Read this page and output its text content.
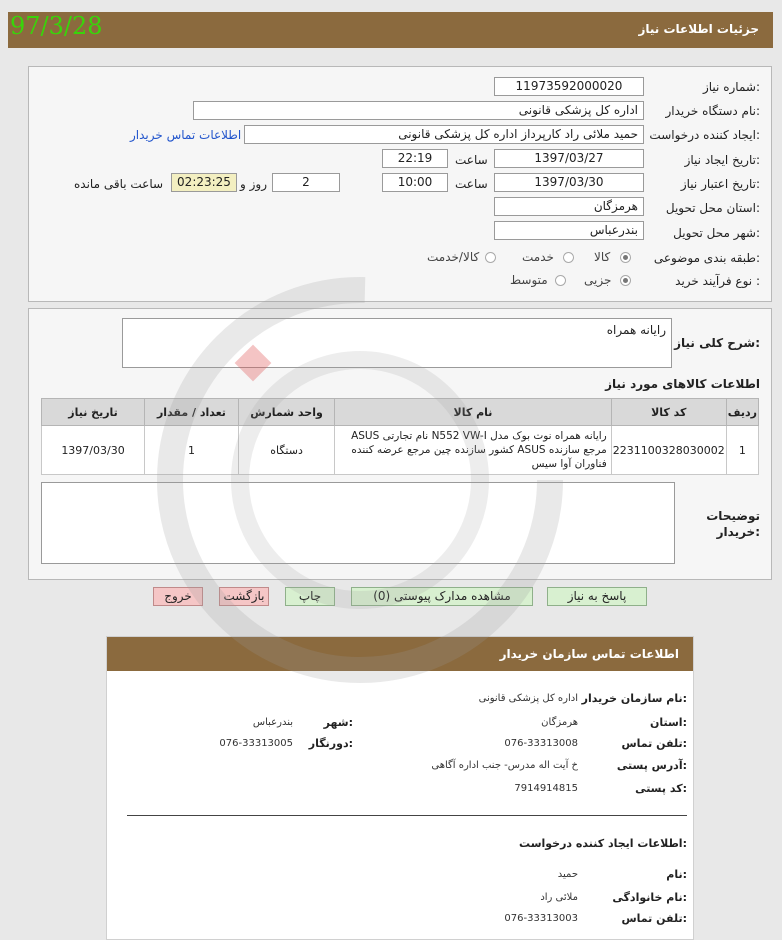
جزئیات اطلاعات نیاز
97/3/28
شماره نیاز:
11973592000020
نام دستگاه خریدار:
اداره کل پزشکی قانونی
ایجاد کننده درخواست:
حمید ملائی راد کارپرداز اداره کل پزشکی قانونی
اطلاعات تماس خریدار
تاریخ ایجاد نیاز:
1397/03/27
ساعت
22:19
تاریخ اعتبار نیاز:
1397/03/30
ساعت
10:00
2
روز و
02:23:25
ساعت باقی مانده
استان محل تحویل:
هرمزگان
شهر محل تحویل:
بندرعباس
طبقه بندی موضوعی:
کالا
خدمت
کالا/خدمت
نوع فرآیند خرید :
جزیی
متوسط
شرح کلی نیاز:
رایانه همراه
اطلاعات کالاهای مورد نیاز
تاریخ نیاز	تعداد / مقدار	واحد شمارش	نام کالا	کد کالا	ردیف
1397/03/30	1	دستگاه	رایانه همراه نوت بوک مدل N552 VW-I نام تجارتی ASUS مرجع سازنده ASUS کشور سازنده چین مرجع عرضه کننده فناوران آوا سیس	2231100328030002	1
توضیحات
خریدار:
پاسخ به نیاز
مشاهده مدارک پیوستی (0)
چاپ
بازگشت
خروج
اطلاعات تماس سازمان خریدار
نام سازمان خریدار:
اداره کل پزشکی قانونی
استان:
هرمزگان
شهر:
بندرعباس
تلفن تماس:
076-33313008
دورنگار:
076-33313005
آدرس پستی:
خ آیت اله مدرس- جنب اداره آگاهی
کد پستی:
7914914815
اطلاعات ایجاد کننده درخواست:
نام:
حمید
نام خانوادگی:
ملائی راد
تلفن تماس:
076-33313003
